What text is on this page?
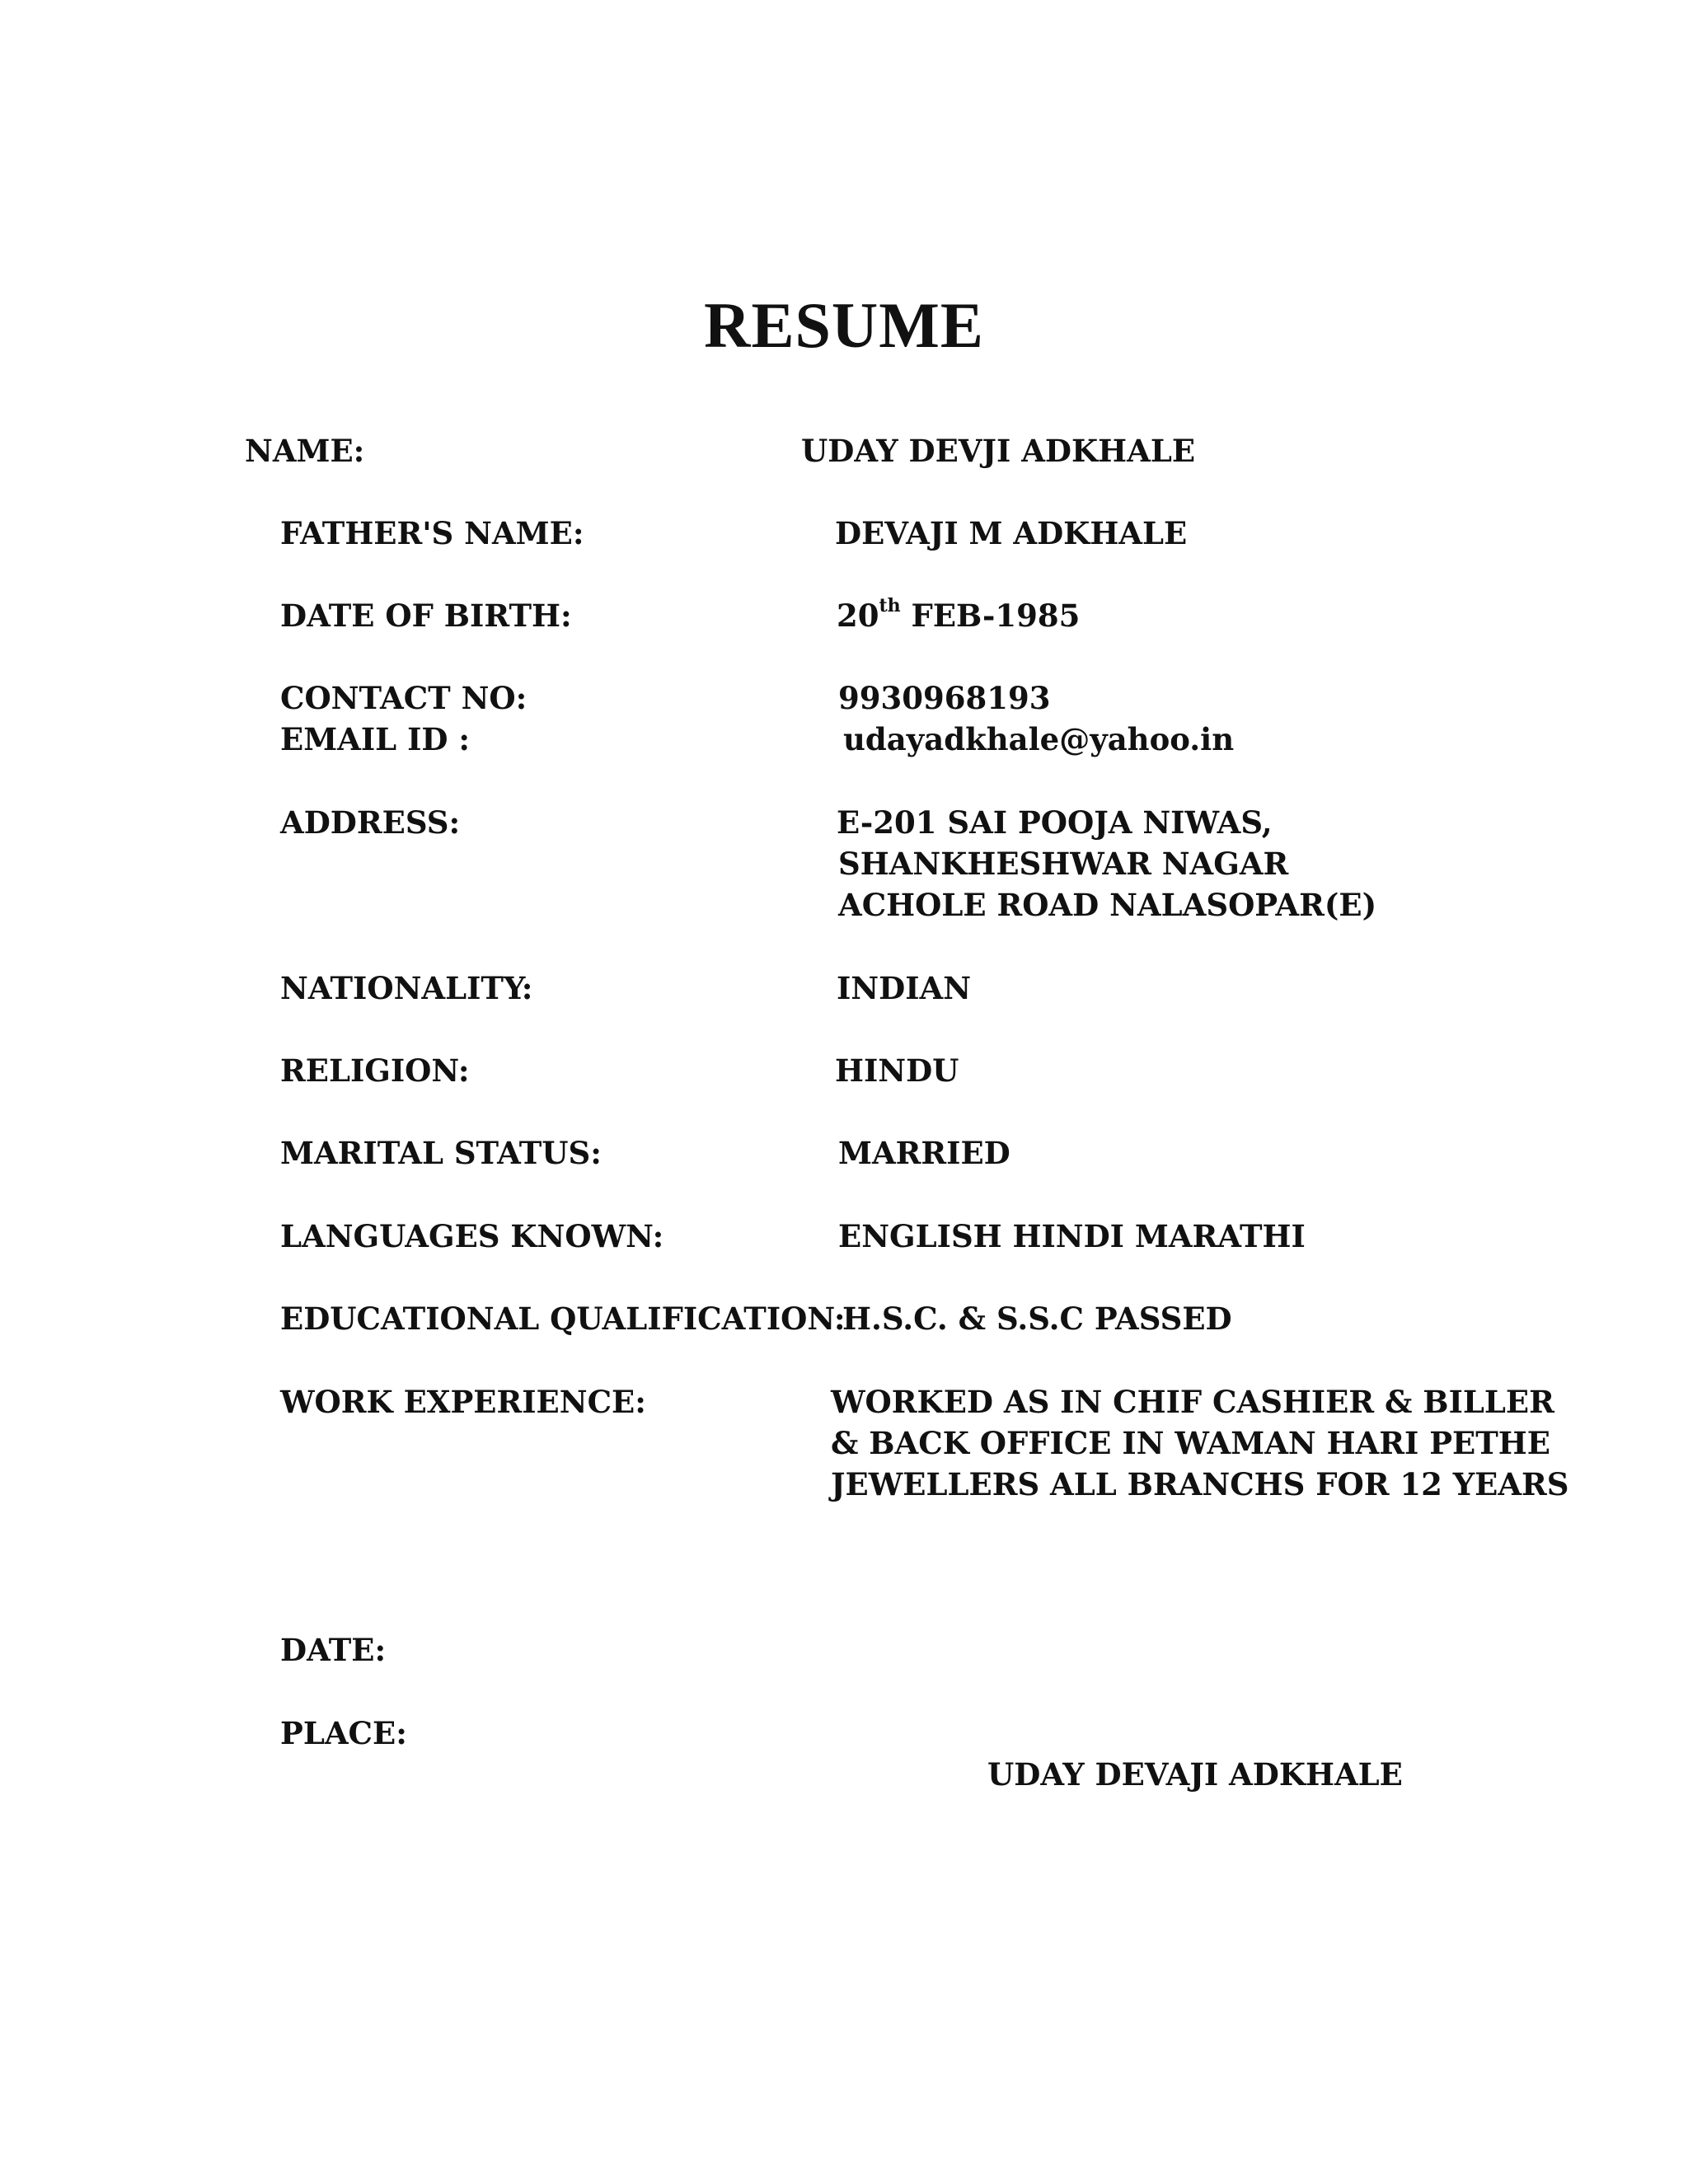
RESUME
NAME:	UDAY DEVJI ADKHALE
FATHER'S NAME:	DEVAJI M ADKHALE
DATE OF BIRTH:	20th FEB-1985
CONTACT NO:	9930968193
EMAIL ID :	udayadkhale@yahoo.in
ADDRESS:	E-201 SAI POOJA NIWAS,
SHANKHESHWAR NAGAR
ACHOLE ROAD NALASOPAR(E)
NATIONALITY:	INDIAN
RELIGION:	HINDU
MARITAL STATUS:	MARRIED
LANGUAGES KNOWN:	ENGLISH HINDI MARATHI
EDUCATIONAL QUALIFICATION:
H.S.C. & S.S.C PASSED
WORK EXPERIENCE:	WORKED AS IN CHIF CASHIER & BILLER
& BACK OFFICE IN WAMAN HARI PETHE
JEWELLERS ALL BRANCHS FOR 12 YEARS
DATE:
PLACE:
UDAY DEVAJI ADKHALE
